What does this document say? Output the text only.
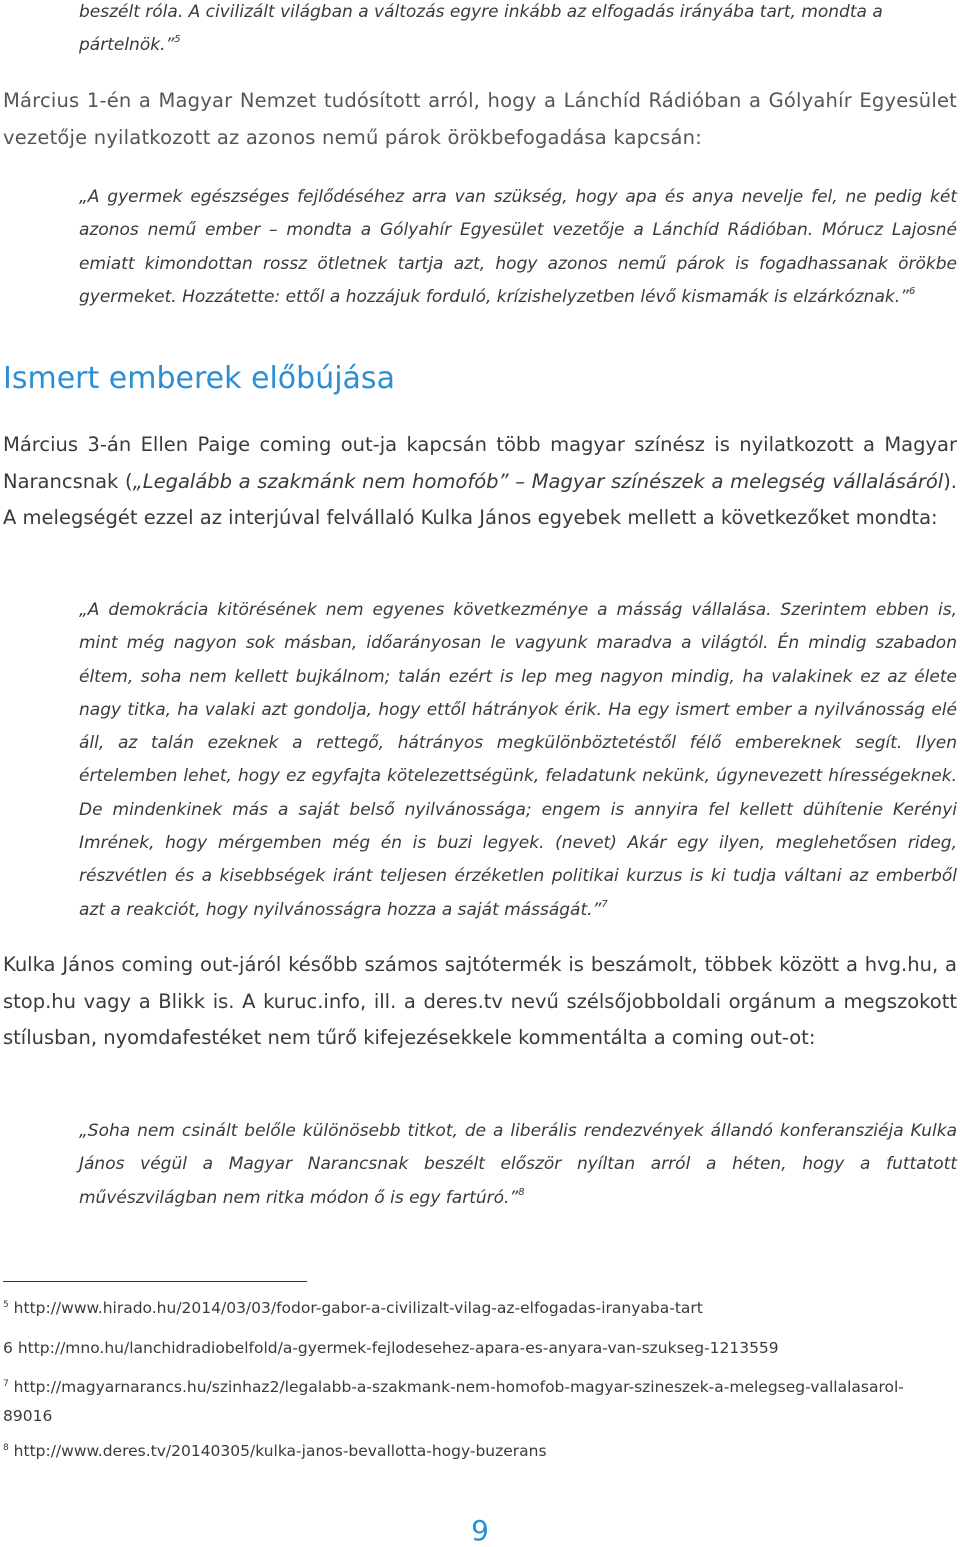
beszélt róla. A civilizált világban a változás egyre inkább az elfogadás irányába tart, mondta a
pártelnök.”$^5$

Március 1-én a Magyar Nemzet tudósított arról, hogy a Lánchíd Rádióban a Gólyahír Egyesület vezetője nyilatkozott az azonos nemű párok örökbefogadása kapcsán:

„A gyermek egészséges fejlődéséhez arra van szükség, hogy apa és anya nevelje fel, ne pedig két azonos nemű ember – mondta a Gólyahír Egyesület vezetője a Lánchíd Rádióban. Mórucz Lajosné emiatt kimondottan rossz ötletnek tartja azt, hogy azonos nemű párok is fogadhassanak örökbe gyermeket. Hozzátette: ettől a hozzájuk forduló, krízishelyzetben lévő kismamák is elzárkóznak.”$^6$

Ismert emberek előbújása

Március 3-án Ellen Paige coming out-ja kapcsán több magyar színész is nyilatkozott a Magyar Narancsnak („Legalább a szakmánk nem homofób” – Magyar színészek a melegség vállalásáról). A melegségét ezzel az interjúval felvállaló Kulka János egyebek mellett a következőket mondta:

„A demokrácia kitörésének nem egyenes következménye a másság vállalása. Szerintem ebben is, mint még nagyon sok másban, időarányosan le vagyunk maradva a világtól. Én mindig szabadon éltem, soha nem kellett bujkálnom; talán ezért is lep meg nagyon mindig, ha valakinek ez az élete nagy titka, ha valaki azt gondolja, hogy ettől hátrányok érik. Ha egy ismert ember a nyilvánosság elé áll, az talán ezeknek a rettegő, hátrányos megkülönböztetéstől félő embereknek segít. Ilyen értelemben lehet, hogy ez egyfajta kötelezettségünk, feladatunk nekünk, úgynevezett hírességeknek. De mindenkinek más a saját belső nyilvánossága; engem is annyira fel kellett dühítenie Kerényi Imrének, hogy mérgemben még én is buzi legyek. (nevet) Akár egy ilyen, meglehetősen rideg, részvétlen és a kisebbségek iránt teljesen érzéketlen politikai kurzus is ki tudja váltani az emberből azt a reakciót, hogy nyilvánosságra hozza a saját másságát.”$^7$

Kulka János coming out-járól később számos sajtótermék is beszámolt, többek között a hvg.hu, a stop.hu vagy a Blikk is. A kuruc.info, ill. a deres.tv nevű szélsőjobboldali orgánum a megszokott stílusban, nyomdafestéket nem tűrő kifejezésekkele kommentálta a coming out-ot:

„Soha nem csinált belőle különösebb titkot, de a liberális rendezvények állandó konferansziéja Kulka János végül a Magyar Narancsnak beszélt először nyíltan arról a héten, hogy a futtatott művészvilágban nem ritka módon ő is egy fartúró.”$^8$

$^5$ http://www.hirado.hu/2014/03/03/fodor-gabor-a-civilizalt-vilag-az-elfogadas-iranyaba-tart

6 http://mno.hu/lanchidradiobelfold/a-gyermek-fejlodesehez-apara-es-anyara-van-szukseg-1213559

$^7$ http://magyarnarancs.hu/szinhaz2/legalabb-a-szakmank-nem-homofob-magyar-szineszek-a-melegseg-vallalasarol-89016

$^8$ http://www.deres.tv/20140305/kulka-janos-bevallotta-hogy-buzerans

9
